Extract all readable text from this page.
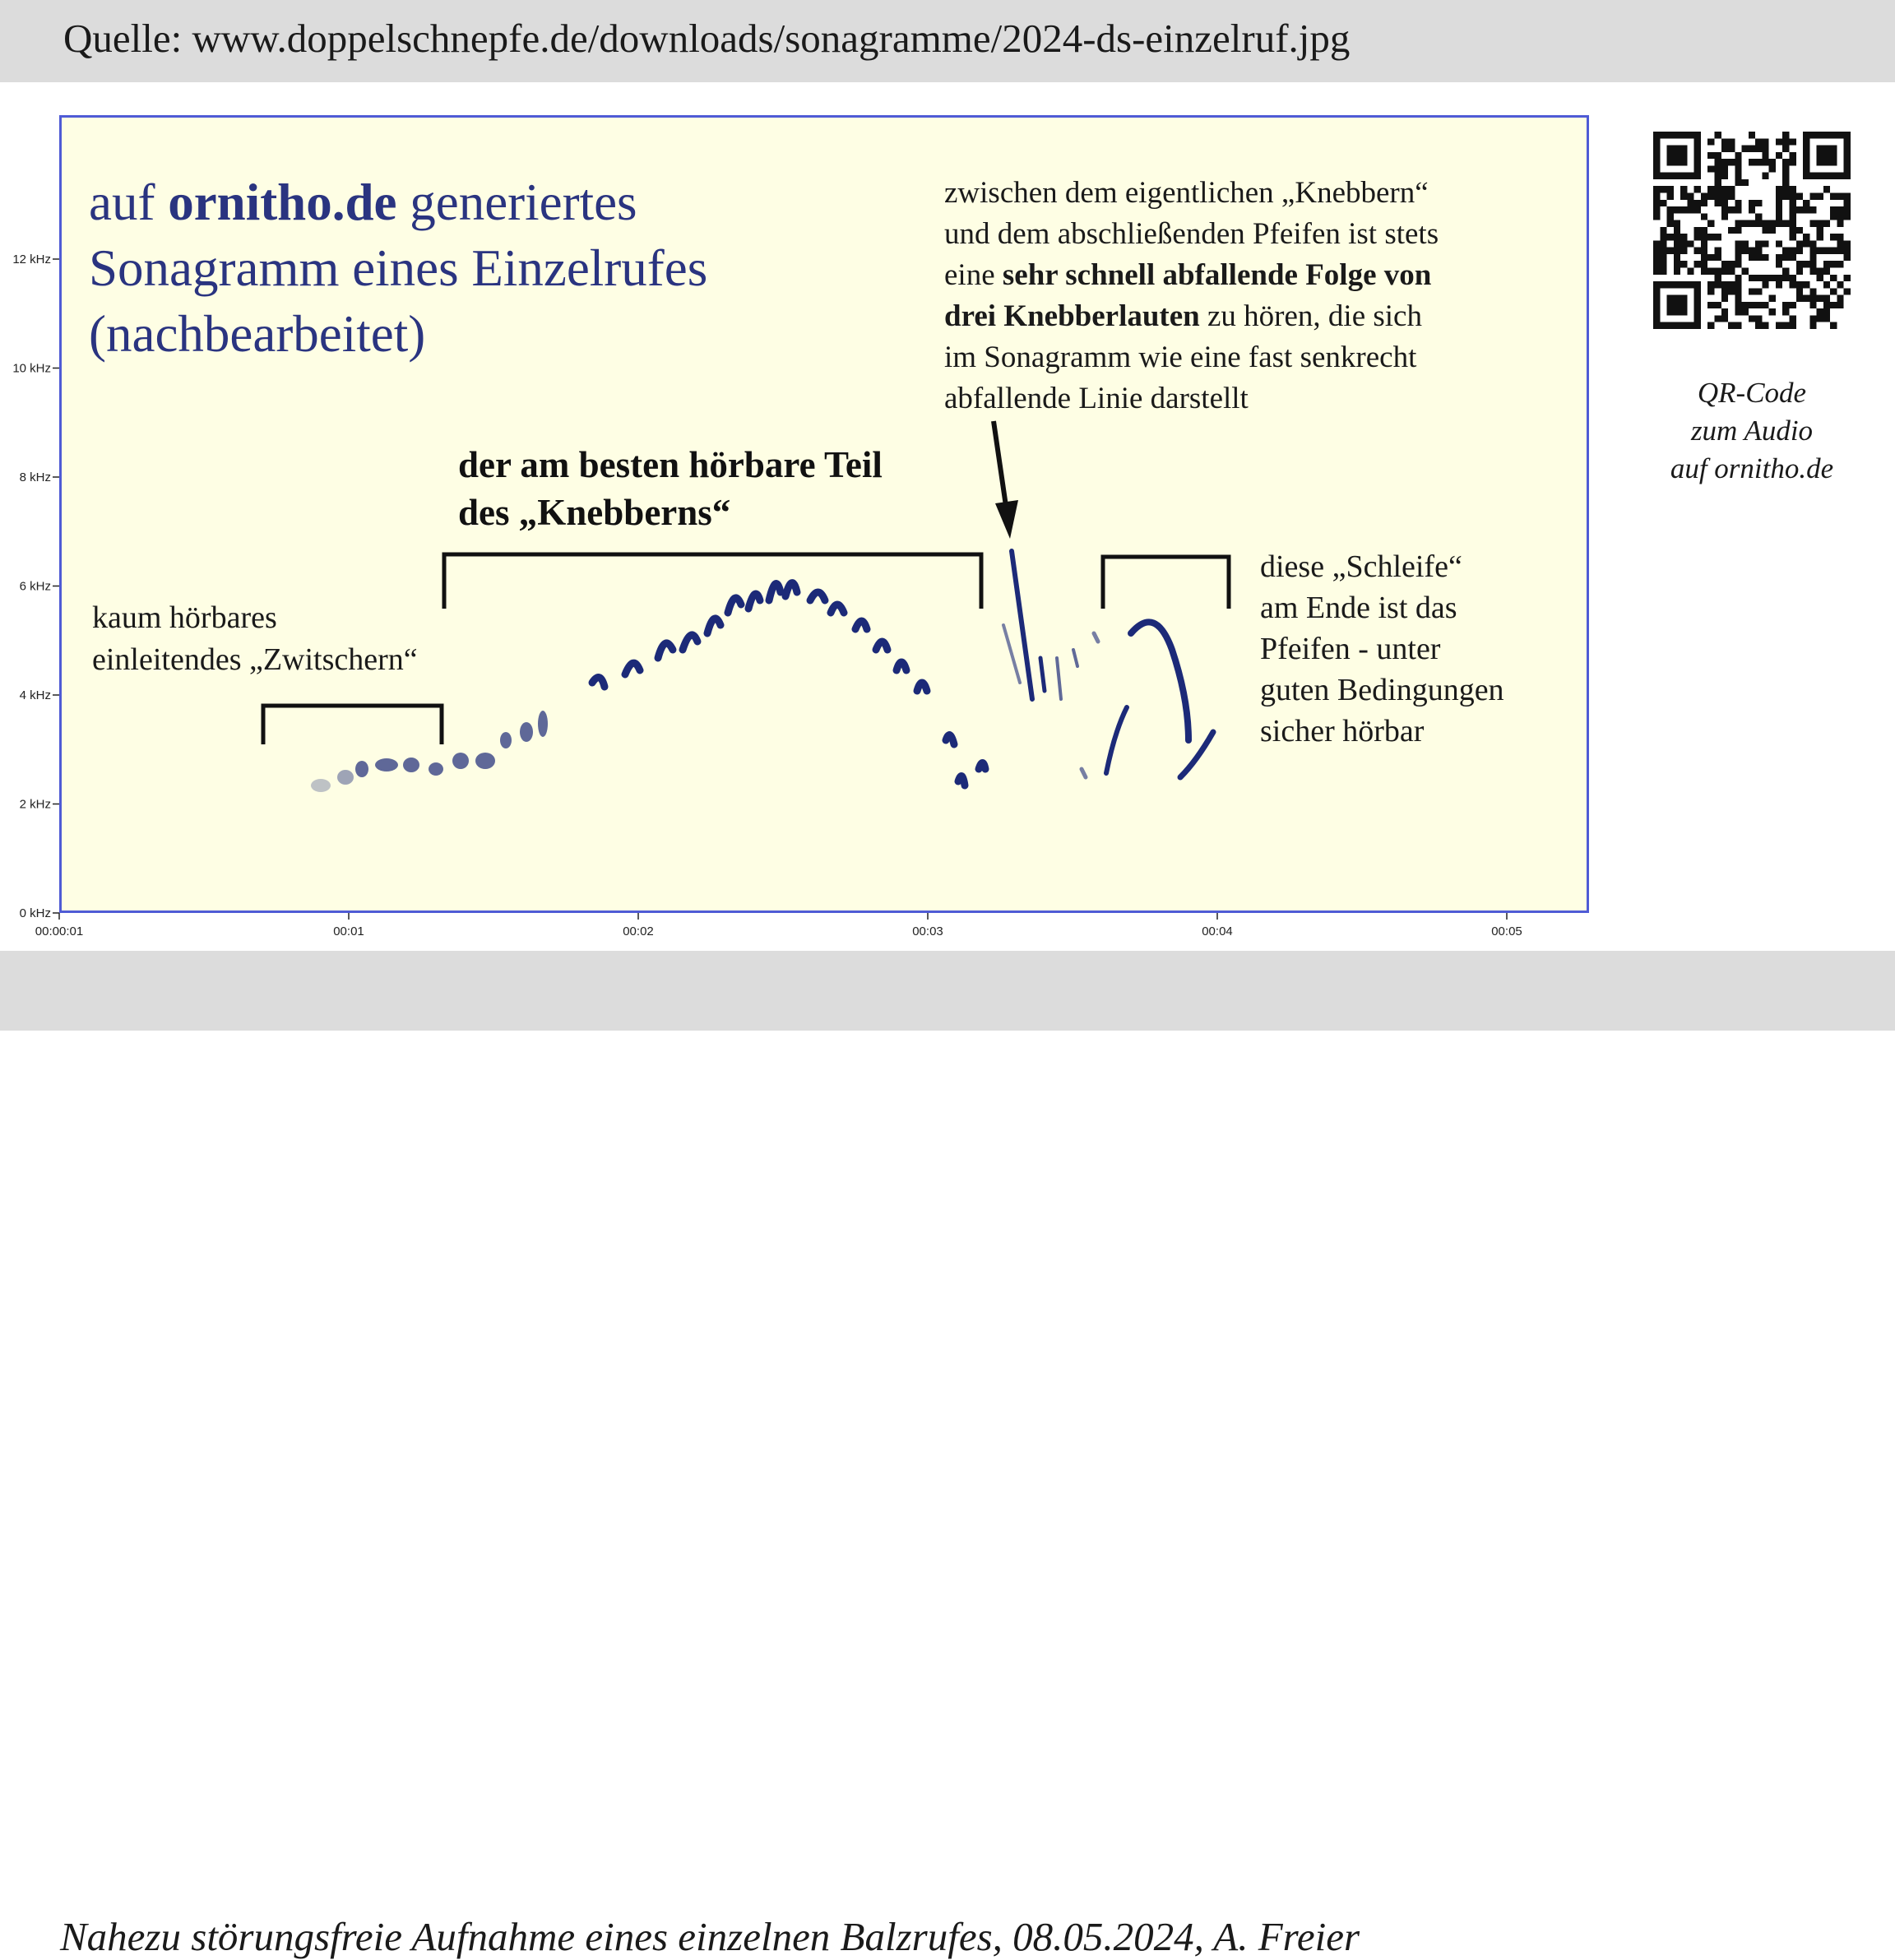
Quelle: www.doppelschnepfe.de/downloads/sonagramme/2024-ds-einzelruf.jpg
0 kHz
2 kHz
4 kHz
6 kHz
8 kHz
10 kHz
12 kHz
00:00:01	00:01	00:02	00:03	00:04	00:05
auf ornitho.de generiertes
Sonagramm eines Einzelrufes
(nachbearbeitet)
der am besten hörbare Teil
des „Knebberns“
zwischen dem eigentlichen „Knebbern“
und dem abschließenden Pfeifen ist stets
eine sehr schnell abfallende Folge von
drei Knebberlauten zu hören, die sich
im Sonagramm wie eine fast senkrecht
abfallende Linie darstellt
kaum hörbares
einleitendes „Zwitschern“
diese „Schleife“
am Ende ist das
Pfeifen - unter
guten Bedingungen
sicher hörbar
QR-Code
zum Audio
auf ornitho.de
Nahezu störungsfreie Aufnahme eines einzelnen Balzrufes, 08.05.2024, A. Freier
